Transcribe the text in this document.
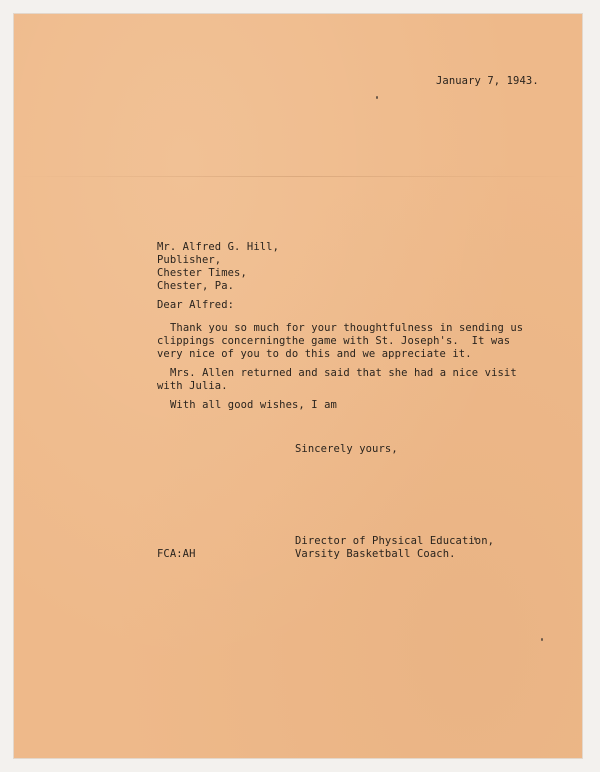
January 7, 1943.
Mr. Alfred G. Hill,
Publisher,
Chester Times,
Chester, Pa.
Dear Alfred:
Thank you so much for your thoughtfulness in sending us
clippings concerningthe game with St. Joseph's.  It was
very nice of you to do this and we appreciate it.
Mrs. Allen returned and said that she had a nice visit
with Julia.
With all good wishes, I am
Sincerely yours,
Director of Physical Education,
Varsity Basketball Coach.
FCA:AH
